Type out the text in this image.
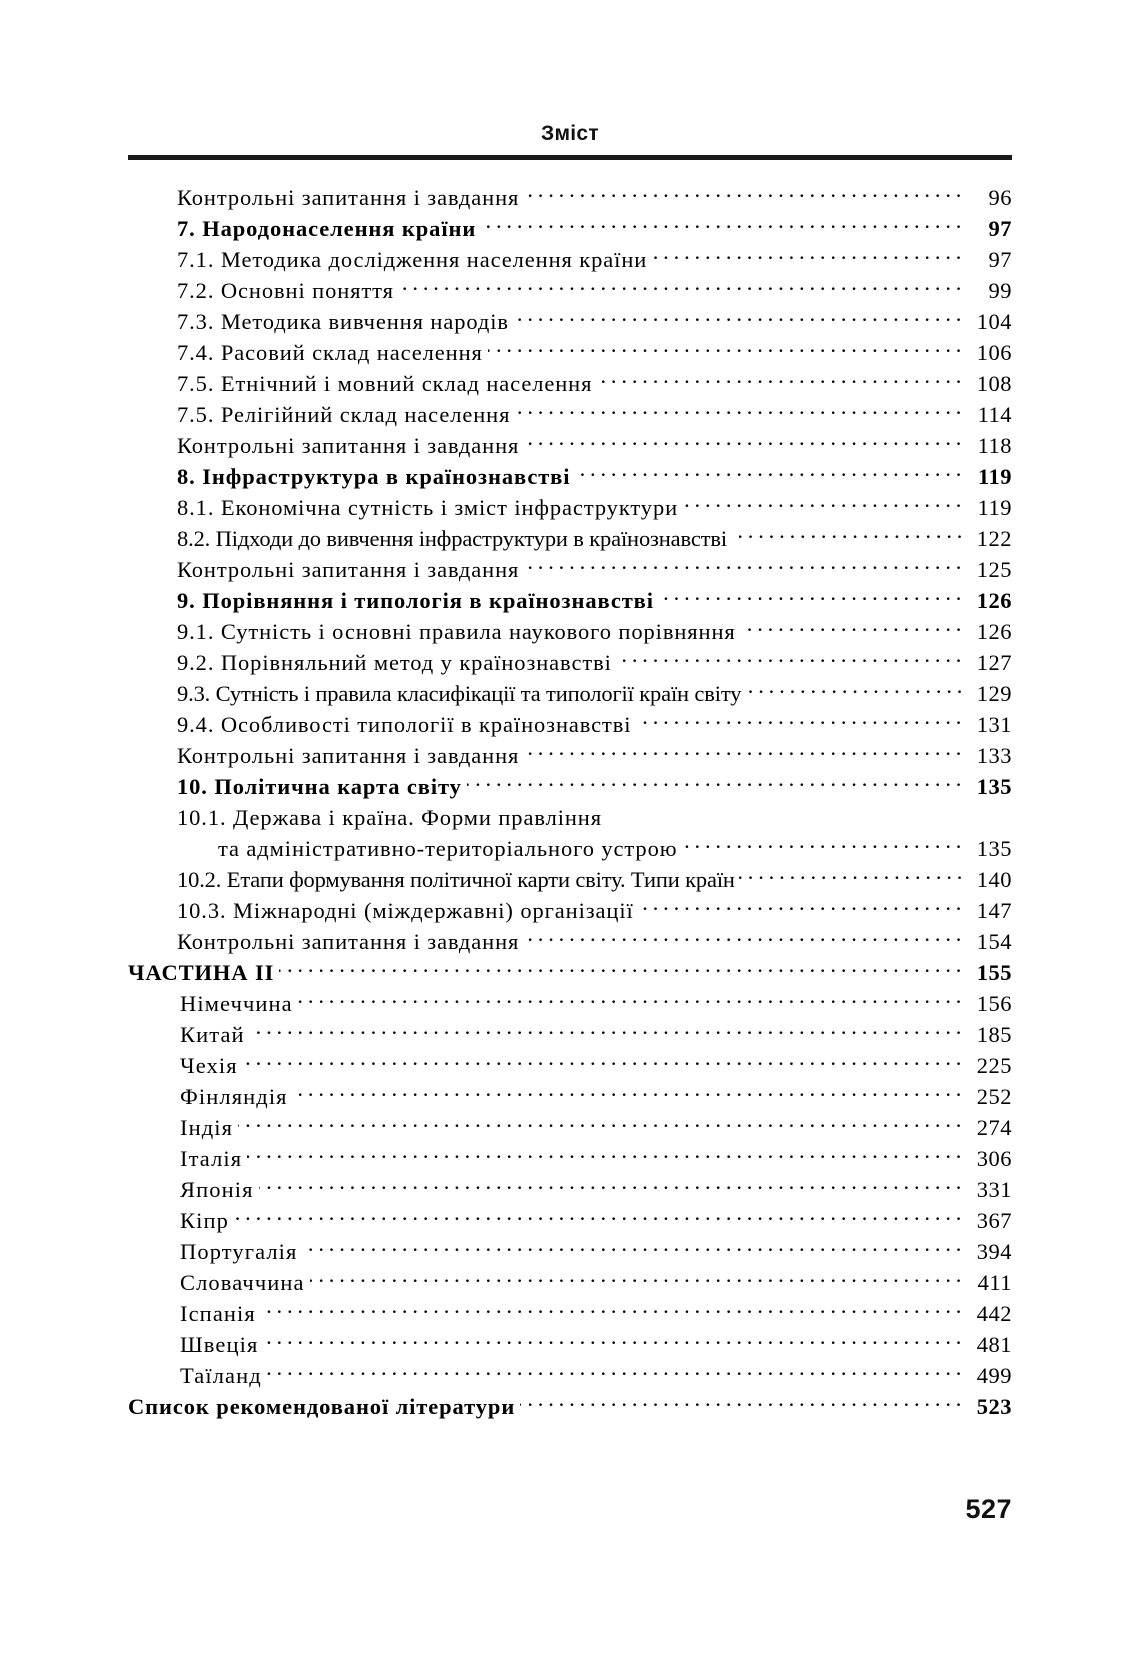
Зміст
Контрольні запитання і завдання . . .	96
7. Народонаселення країни . . .	97
7.1. Методика дослідження населення країни . . .	97
7.2. Основні поняття . . .	99
7.3. Методика вивчення народів . . .	104
7.4. Расовий склад населення . . .	106
7.5. Етнічний і мовний склад населення . . .	108
7.5. Релігійний склад населення . . .	114
Контрольні запитання і завдання . . .	118
8. Інфраструктура в країнознавстві . . .	119
8.1. Економічна сутність і зміст інфраструктури . . .	119
8.2. Підходи до вивчення інфраструктури в країнознавстві . . .	122
Контрольні запитання і завдання . . .	125
9. Порівняння і типологія в країнознавстві . . .	126
9.1. Сутність і основні правила наукового порівняння . . .	126
9.2. Порівняльний метод у країнознавстві . . .	127
9.3. Сутність і правила класифікації та типології країн світу . . .	129
9.4. Особливості типології в країнознавстві . . .	131
Контрольні запитання і завдання . . .	133
10. Політична карта світу . . .	135
10.1. Держава і країна. Форми правління
та адміністративно-територіального устрою . . .	135
10.2. Етапи формування політичної карти світу. Типи країн . . .	140
10.3. Міжнародні (міждержавні) організації . . .	147
Контрольні запитання і завдання . . .	154
ЧАСТИНА II . . .	155
Німеччина . . .	156
Китай . . .	185
Чехія . . .	225
Фінляндія . . .	252
Індія . . .	274
Італія . . .	306
Японія . . .	331
Кіпр . . .	367
Португалія . . .	394
Словаччина . . .	411
Іспанія . . .	442
Швеція . . .	481
Таїланд . . .	499
Список рекомендованої літератури . . .	523
527
